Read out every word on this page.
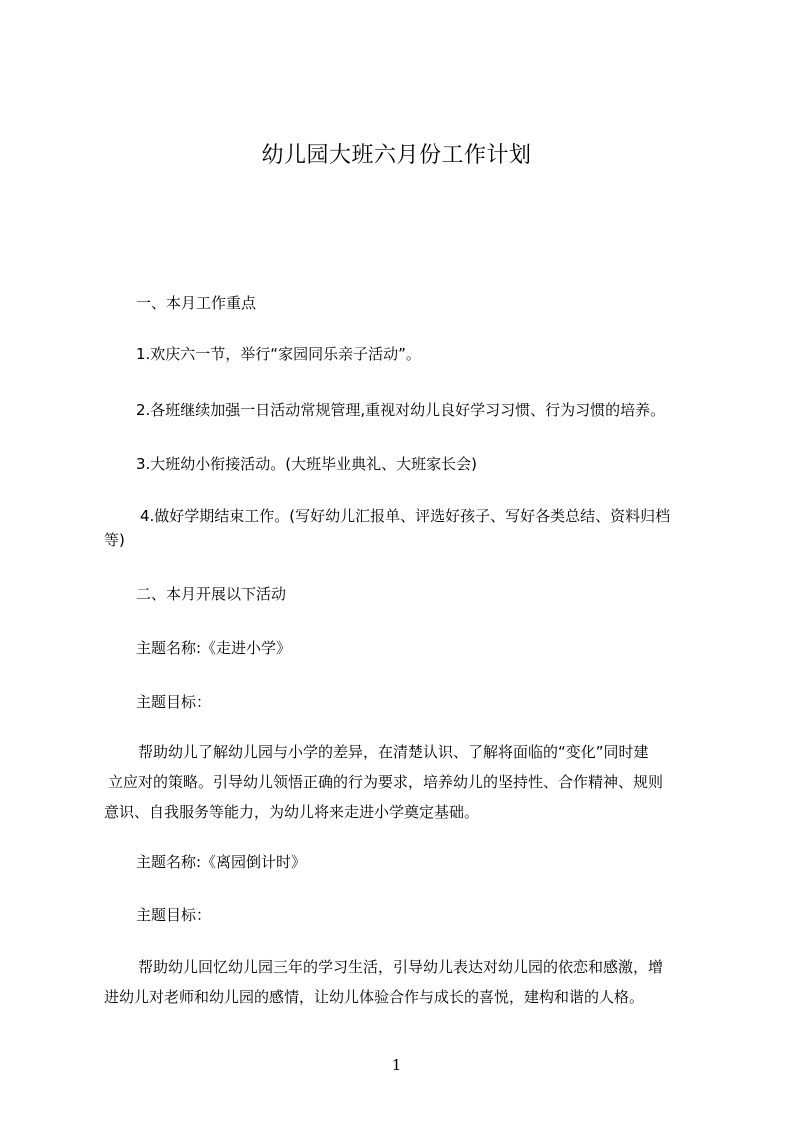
幼儿园大班六月份工作计划
一、本月工作重点
1.欢庆六一节，举行“家园同乐亲子活动”。
2.各班继续加强一日活动常规管理,重视对幼儿良好学习习惯、行为习惯的培养。
3.大班幼小衔接活动。(大班毕业典礼、大班家长会)
4.做好学期结束工作。(写好幼儿汇报单、评选好孩子、写好各类总结、资料归档
等)
二、本月开展以下活动
主题名称:《走进小学》
主题目标：
帮助幼儿了解幼儿园与小学的差异，在清楚认识、了解将面临的“变化”同时建
立应对的策略。引导幼儿领悟正确的行为要求，培养幼儿的坚持性、合作精神、规则
意识、自我服务等能力，为幼儿将来走进小学奠定基础。
主题名称:《离园倒计时》
主题目标：
帮助幼儿回忆幼儿园三年的学习生活，引导幼儿表达对幼儿园的依恋和感激，增
进幼儿对老师和幼儿园的感情，让幼儿体验合作与成长的喜悦，建构和谐的人格。
1
